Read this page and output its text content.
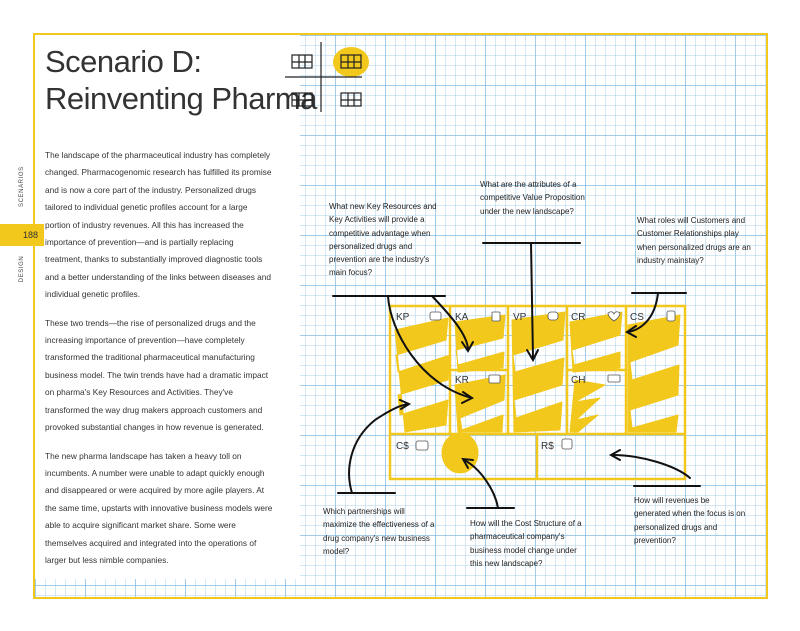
Scenario D:
Reinventing Pharma

The landscape of the pharmaceutical industry has completely changed. Pharmacogenomic research has fulfilled its promise and is now a core part of the industry. Personalized drugs tailored to individual genetic profiles account for a large portion of industry revenues. All this has increased the importance of prevention—and is partially replacing treatment, thanks to substantially improved diagnostic tools and a better understanding of the links between diseases and individual genetic profiles.

These two trends—the rise of personalized drugs and the increasing importance of prevention—have completely transformed the traditional pharmaceutical manufacturing business model. The twin trends have had a dramatic impact on pharma's Key Resources and Activities. They've transformed the way drug makers approach customers and provoked substantial changes in how revenue is generated.

The new pharma landscape has taken a heavy toll on incumbents. A number were unable to adapt quickly enough and disappeared or were acquired by more agile players. At the same time, upstarts with innovative business models were able to acquire significant market share. Some were themselves acquired and integrated into the operations of larger but less nimble companies.

SCENARIOS
188
DESIGN
KP	KA
KR
VP	CR
CH
CS
C$	R$
What new Key Resources and Key Activities will provide a competitive advantage when personalized drugs and prevention are the industry's main focus?
What are the attributes of a competitive Value Proposition under the new landscape?
What roles will Customers and Customer Relationships play when personalized drugs are an industry mainstay?
Which partnerships will maximize the effectiveness of a drug company's new business model?
How will the Cost Structure of a pharmaceutical company's business model change under this new landscape?
How will revenues be generated when the focus is on personalized drugs and prevention?
